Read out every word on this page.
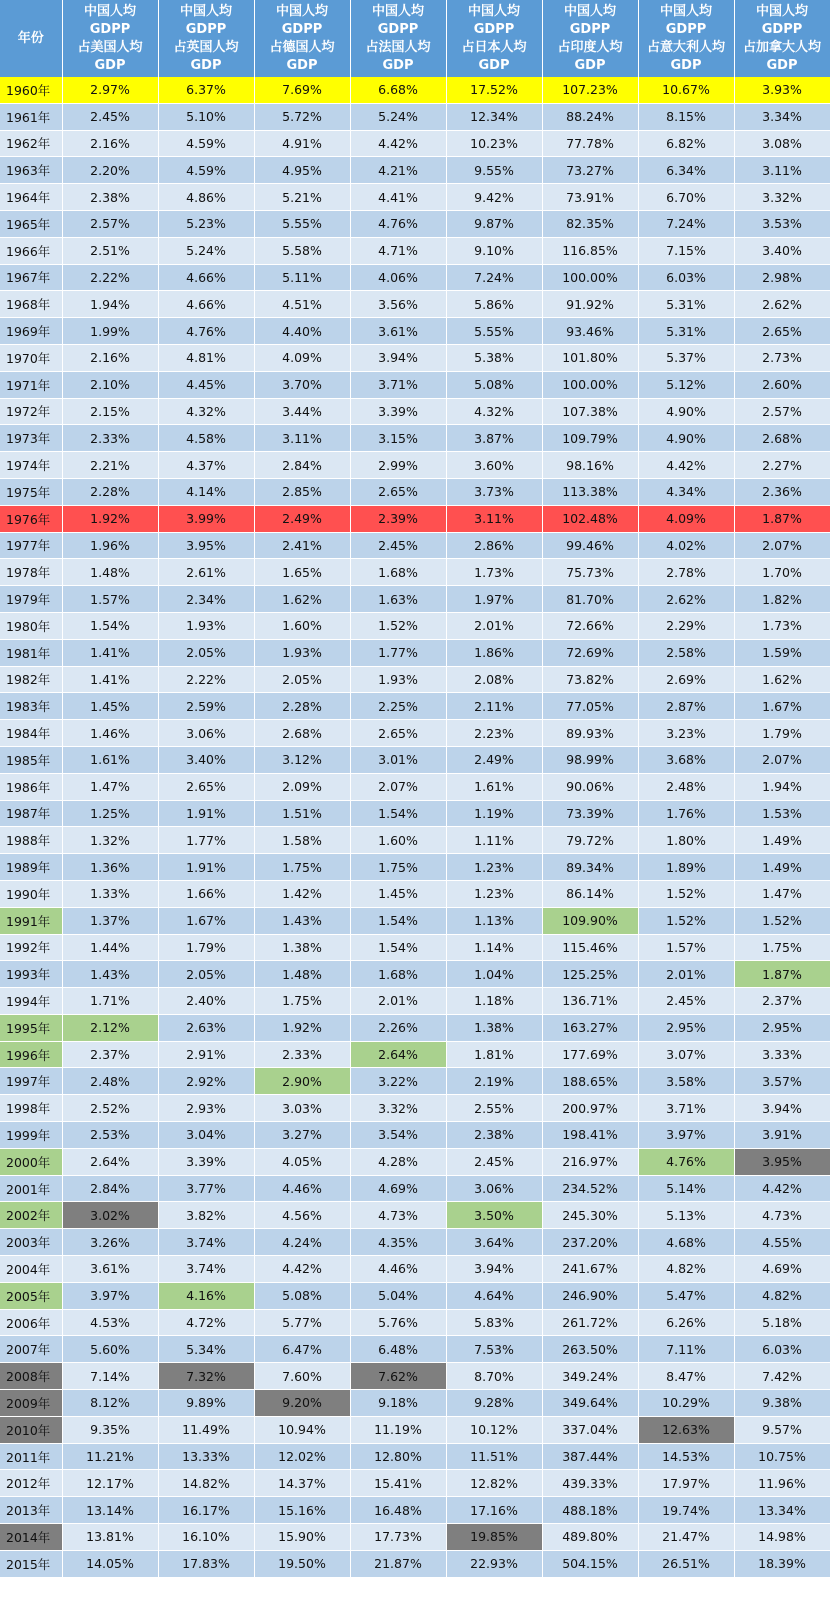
年份	中国人均
GDPP
占美国人均
GDP	中国人均
GDPP
占英国人均
GDP	中国人均
GDPP
占德国人均
GDP	中国人均
GDPP
占法国人均
GDP	中国人均
GDPP
占日本人均
GDP	中国人均
GDPP
占印度人均
GDP	中国人均
GDPP
占意大利人均
GDP	中国人均
GDPP
占加拿大人均
GDP

1960年	2.97%	6.37%	7.69%	6.68%	17.52%	107.23%	10.67%	3.93%
1961年	2.45%	5.10%	5.72%	5.24%	12.34%	88.24%	8.15%	3.34%
1962年	2.16%	4.59%	4.91%	4.42%	10.23%	77.78%	6.82%	3.08%
1963年	2.20%	4.59%	4.95%	4.21%	9.55%	73.27%	6.34%	3.11%
1964年	2.38%	4.86%	5.21%	4.41%	9.42%	73.91%	6.70%	3.32%
1965年	2.57%	5.23%	5.55%	4.76%	9.87%	82.35%	7.24%	3.53%
1966年	2.51%	5.24%	5.58%	4.71%	9.10%	116.85%	7.15%	3.40%
1967年	2.22%	4.66%	5.11%	4.06%	7.24%	100.00%	6.03%	2.98%
1968年	1.94%	4.66%	4.51%	3.56%	5.86%	91.92%	5.31%	2.62%
1969年	1.99%	4.76%	4.40%	3.61%	5.55%	93.46%	5.31%	2.65%
1970年	2.16%	4.81%	4.09%	3.94%	5.38%	101.80%	5.37%	2.73%
1971年	2.10%	4.45%	3.70%	3.71%	5.08%	100.00%	5.12%	2.60%
1972年	2.15%	4.32%	3.44%	3.39%	4.32%	107.38%	4.90%	2.57%
1973年	2.33%	4.58%	3.11%	3.15%	3.87%	109.79%	4.90%	2.68%
1974年	2.21%	4.37%	2.84%	2.99%	3.60%	98.16%	4.42%	2.27%
1975年	2.28%	4.14%	2.85%	2.65%	3.73%	113.38%	4.34%	2.36%
1976年	1.92%	3.99%	2.49%	2.39%	3.11%	102.48%	4.09%	1.87%
1977年	1.96%	3.95%	2.41%	2.45%	2.86%	99.46%	4.02%	2.07%
1978年	1.48%	2.61%	1.65%	1.68%	1.73%	75.73%	2.78%	1.70%
1979年	1.57%	2.34%	1.62%	1.63%	1.97%	81.70%	2.62%	1.82%
1980年	1.54%	1.93%	1.60%	1.52%	2.01%	72.66%	2.29%	1.73%
1981年	1.41%	2.05%	1.93%	1.77%	1.86%	72.69%	2.58%	1.59%
1982年	1.41%	2.22%	2.05%	1.93%	2.08%	73.82%	2.69%	1.62%
1983年	1.45%	2.59%	2.28%	2.25%	2.11%	77.05%	2.87%	1.67%
1984年	1.46%	3.06%	2.68%	2.65%	2.23%	89.93%	3.23%	1.79%
1985年	1.61%	3.40%	3.12%	3.01%	2.49%	98.99%	3.68%	2.07%
1986年	1.47%	2.65%	2.09%	2.07%	1.61%	90.06%	2.48%	1.94%
1987年	1.25%	1.91%	1.51%	1.54%	1.19%	73.39%	1.76%	1.53%
1988年	1.32%	1.77%	1.58%	1.60%	1.11%	79.72%	1.80%	1.49%
1989年	1.36%	1.91%	1.75%	1.75%	1.23%	89.34%	1.89%	1.49%
1990年	1.33%	1.66%	1.42%	1.45%	1.23%	86.14%	1.52%	1.47%
1991年	1.37%	1.67%	1.43%	1.54%	1.13%	109.90%	1.52%	1.52%
1992年	1.44%	1.79%	1.38%	1.54%	1.14%	115.46%	1.57%	1.75%
1993年	1.43%	2.05%	1.48%	1.68%	1.04%	125.25%	2.01%	1.87%
1994年	1.71%	2.40%	1.75%	2.01%	1.18%	136.71%	2.45%	2.37%
1995年	2.12%	2.63%	1.92%	2.26%	1.38%	163.27%	2.95%	2.95%
1996年	2.37%	2.91%	2.33%	2.64%	1.81%	177.69%	3.07%	3.33%
1997年	2.48%	2.92%	2.90%	3.22%	2.19%	188.65%	3.58%	3.57%
1998年	2.52%	2.93%	3.03%	3.32%	2.55%	200.97%	3.71%	3.94%
1999年	2.53%	3.04%	3.27%	3.54%	2.38%	198.41%	3.97%	3.91%
2000年	2.64%	3.39%	4.05%	4.28%	2.45%	216.97%	4.76%	3.95%
2001年	2.84%	3.77%	4.46%	4.69%	3.06%	234.52%	5.14%	4.42%
2002年	3.02%	3.82%	4.56%	4.73%	3.50%	245.30%	5.13%	4.73%
2003年	3.26%	3.74%	4.24%	4.35%	3.64%	237.20%	4.68%	4.55%
2004年	3.61%	3.74%	4.42%	4.46%	3.94%	241.67%	4.82%	4.69%
2005年	3.97%	4.16%	5.08%	5.04%	4.64%	246.90%	5.47%	4.82%
2006年	4.53%	4.72%	5.77%	5.76%	5.83%	261.72%	6.26%	5.18%
2007年	5.60%	5.34%	6.47%	6.48%	7.53%	263.50%	7.11%	6.03%
2008年	7.14%	7.32%	7.60%	7.62%	8.70%	349.24%	8.47%	7.42%
2009年	8.12%	9.89%	9.20%	9.18%	9.28%	349.64%	10.29%	9.38%
2010年	9.35%	11.49%	10.94%	11.19%	10.12%	337.04%	12.63%	9.57%
2011年	11.21%	13.33%	12.02%	12.80%	11.51%	387.44%	14.53%	10.75%
2012年	12.17%	14.82%	14.37%	15.41%	12.82%	439.33%	17.97%	11.96%
2013年	13.14%	16.17%	15.16%	16.48%	17.16%	488.18%	19.74%	13.34%
2014年	13.81%	16.10%	15.90%	17.73%	19.85%	489.80%	21.47%	14.98%
2015年	14.05%	17.83%	19.50%	21.87%	22.93%	504.15%	26.51%	18.39%
